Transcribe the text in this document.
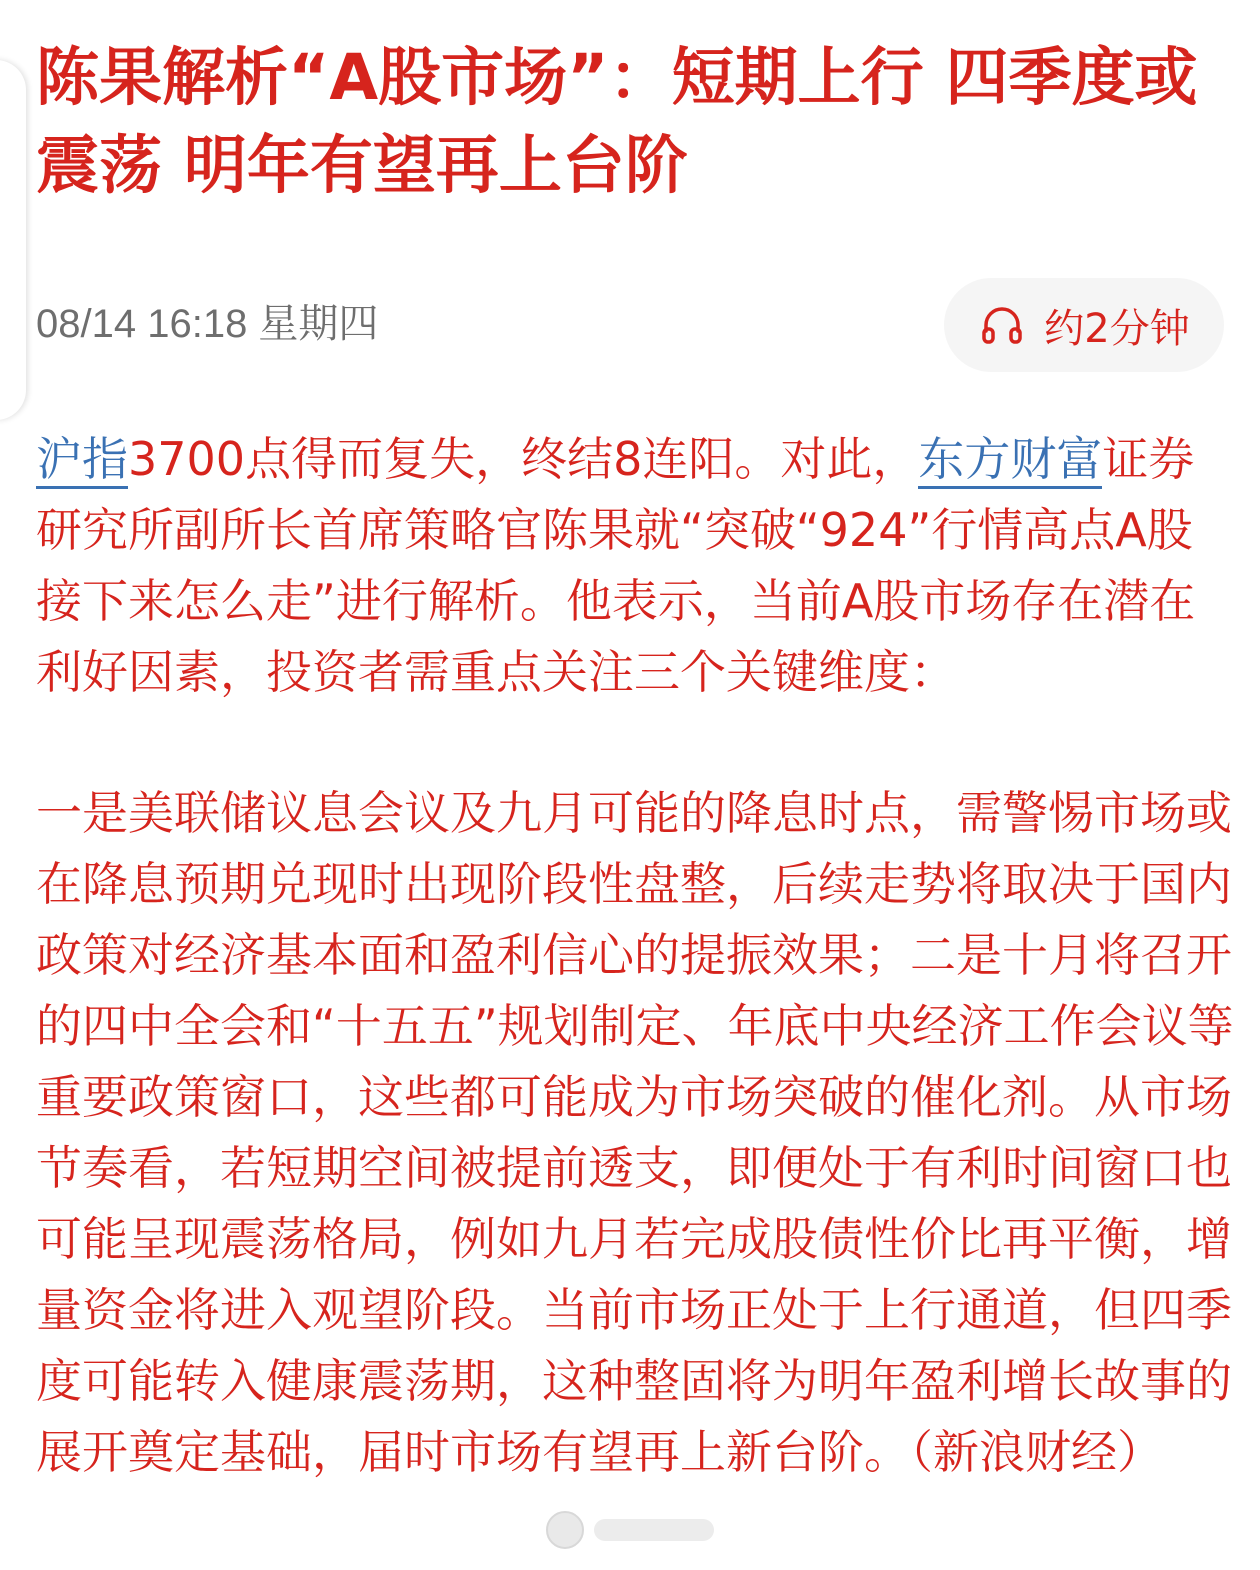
陈果解析“A股市场”：短期上行 四季度或震荡 明年有望再上台阶
08/14 16:18 星期四	约2分钟

沪指3700点得而复失，终结8连阳。对此，东方财富证券研究所副所长首席策略官陈果就“突破“924”行情高点A股接下来怎么走”进行解析。他表示，当前A股市场存在潜在利好因素，投资者需重点关注三个关键维度：

一是美联储议息会议及九月可能的降息时点，需警惕市场或在降息预期兑现时出现阶段性盘整，后续走势将取决于国内政策对经济基本面和盈利信心的提振效果；二是十月将召开的四中全会和“十五五”规划制定、年底中央经济工作会议等重要政策窗口，这些都可能成为市场突破的催化剂。从市场节奏看，若短期空间被提前透支，即便处于有利时间窗口也可能呈现震荡格局，例如九月若完成股债性价比再平衡，增量资金将进入观望阶段。当前市场正处于上行通道，但四季度可能转入健康震荡期，这种整固将为明年盈利增长故事的展开奠定基础，届时市场有望再上新台阶。（新浪财经）
